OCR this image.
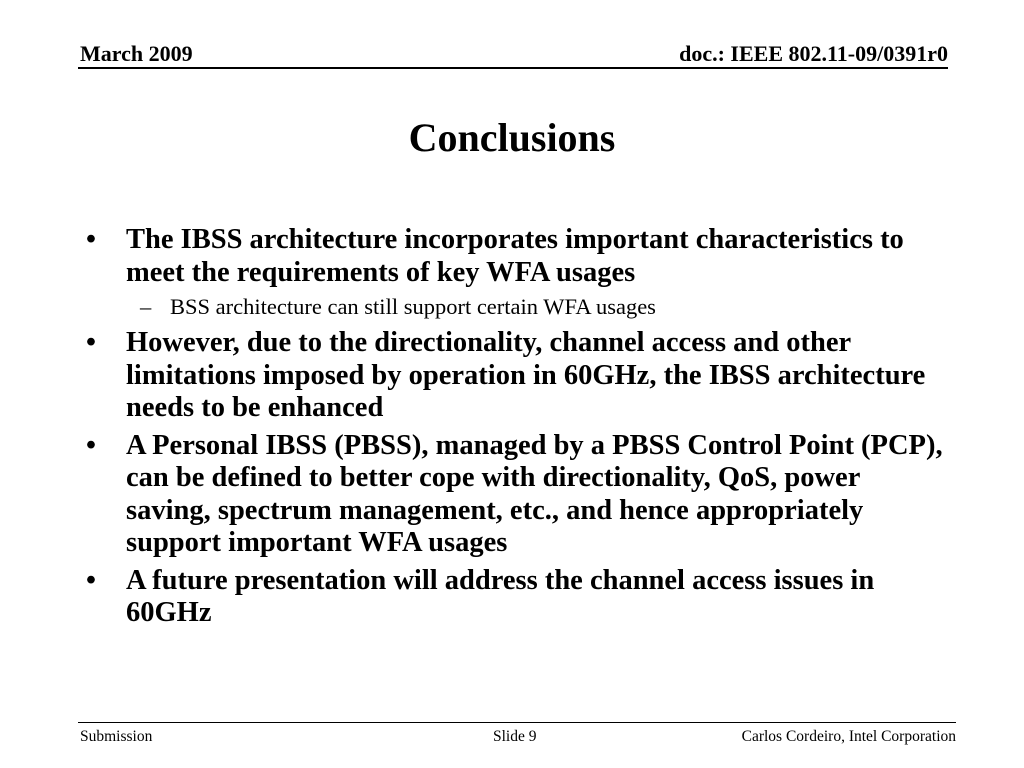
March 2009	doc.: IEEE 802.11-09/0391r0
Conclusions
• The IBSS architecture incorporates important characteristics to meet the requirements of key WFA usages
– BSS architecture can still support certain WFA usages
• However, due to the directionality, channel access and other limitations imposed by operation in 60GHz, the IBSS architecture needs to be enhanced
• A Personal IBSS (PBSS), managed by a PBSS Control Point (PCP), can be defined to better cope with directionality, QoS, power saving, spectrum management, etc., and hence appropriately support important WFA usages
• A future presentation will address the channel access issues in 60GHz
Submission	Slide 9	Carlos Cordeiro, Intel Corporation
